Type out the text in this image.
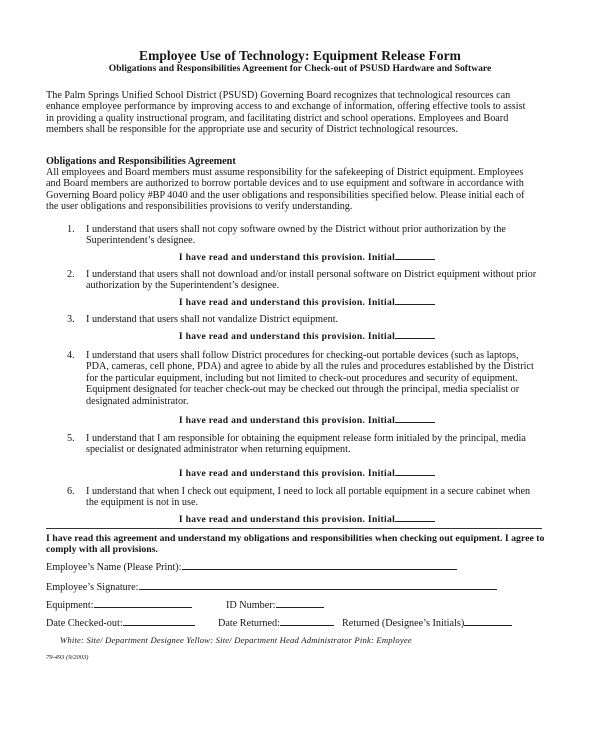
Employee Use of Technology: Equipment Release Form
Obligations and Responsibilities Agreement for Check-out of PSUSD Hardware and Software
The Palm Springs Unified School District (PSUSD) Governing Board recognizes that technological resources can enhance employee performance by improving access to and exchange of information, offering effective tools to assist in providing a quality instructional program, and facilitating district and school operations. Employees and Board members shall be responsible for the appropriate use and security of District technological resources.
Obligations and Responsibilities Agreement
All employees and Board members must assume responsibility for the safekeeping of District equipment. Employees and Board members are authorized to borrow portable devices and to use equipment and software in accordance with Governing Board policy #BP 4040 and the user obligations and responsibilities specified below. Please initial each of the user obligations and responsibilities provisions to verify understanding.
1.	I understand that users shall not copy software owned by the District without prior authorization by the Superintendent’s designee.
I have read and understand this provision. Initial
2.	I understand that users shall not download and/or install personal software on District equipment without prior authorization by the Superintendent’s designee.
I have read and understand this provision. Initial
3.	I understand that users shall not vandalize District equipment.
I have read and understand this provision. Initial
4.	I understand that users shall follow District procedures for checking-out portable devices (such as laptops, PDA, cameras, cell phone, PDA) and agree to abide by all the rules and procedures established by the District for the particular equipment, including but not limited to check-out procedures and security of equipment. Equipment designated for teacher check-out may be checked out through the principal, media specialist or designated administrator.
I have read and understand this provision. Initial
5.	I understand that I am responsible for obtaining the equipment release form initialed by the principal, media specialist or designated administrator when returning equipment.
I have read and understand this provision. Initial
6.	I understand that when I check out equipment, I need to lock all portable equipment in a secure cabinet when the equipment is not in use.
I have read and understand this provision. Initial
I have read this agreement and understand my obligations and responsibilities when checking out equipment. I agree to comply with all provisions.
Employee’s Name (Please Print):
Employee’s Signature:
Equipment:	ID Number:
Date Checked-out:	Date Returned:	Returned (Designee’s Initials)
White: Site/ Department Designee Yellow: Site/ Department Head Administrator Pink: Employee
79-493 (9/2003)
